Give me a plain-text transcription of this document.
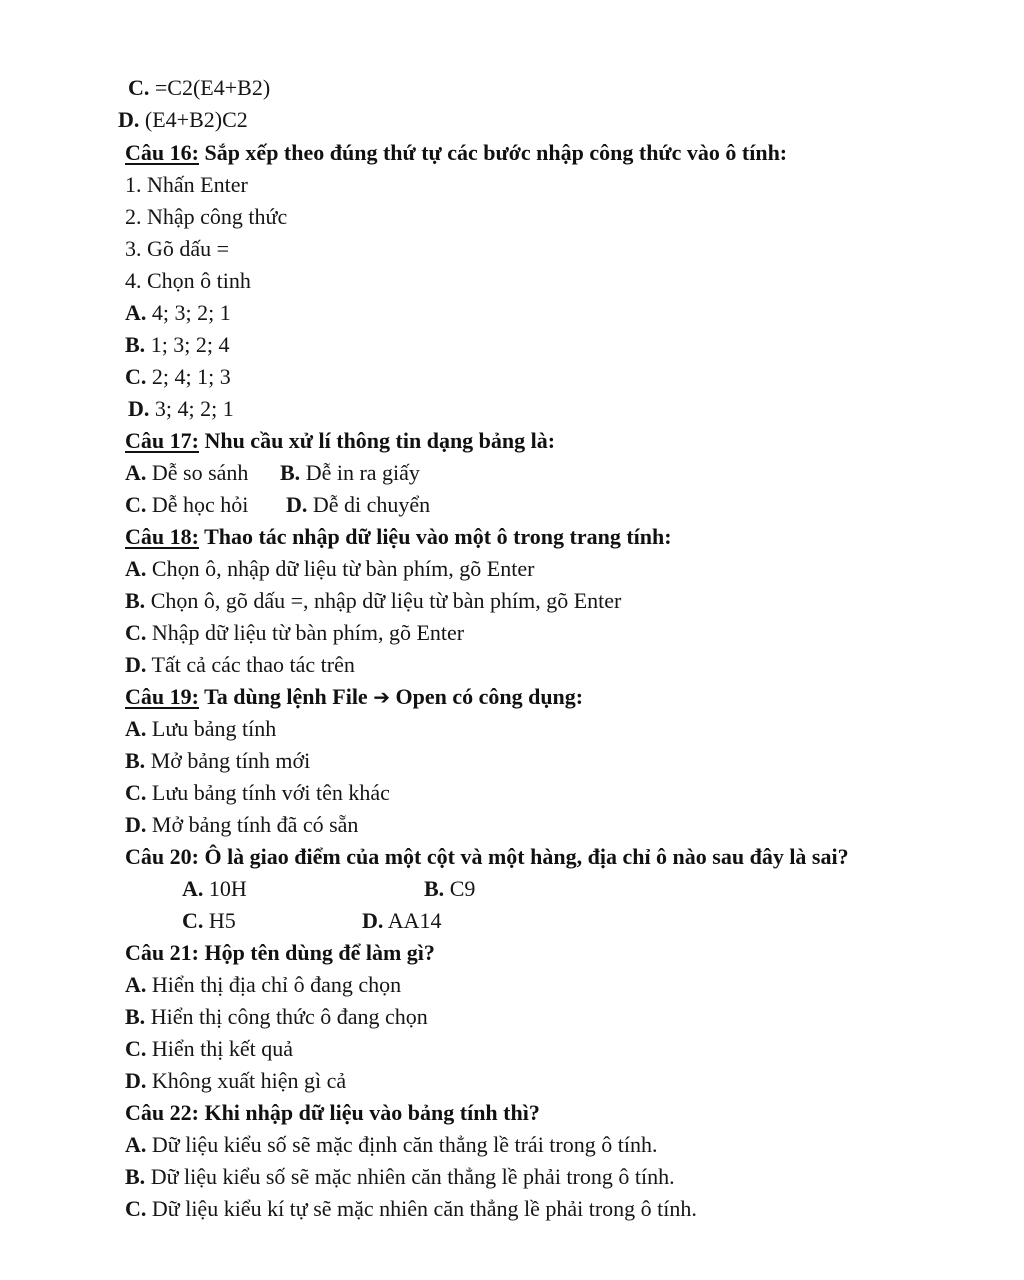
C. =C2(E4+B2)
D. (E4+B2)C2
Câu 16: Sắp xếp theo đúng thứ tự các bước nhập công thức vào ô tính:
1. Nhấn Enter
2. Nhập công thức
3. Gõ dấu =
4. Chọn ô tinh
A. 4; 3; 2; 1
B. 1; 3; 2; 4
C. 2; 4; 1; 3
D. 3; 4; 2; 1
Câu 17: Nhu cầu xử lí thông tin dạng bảng là:
A. Dễ so sánh B. Dễ in ra giấy
C. Dễ học hỏi D. Dễ di chuyển
Câu 18: Thao tác nhập dữ liệu vào một ô trong trang tính:
A. Chọn ô, nhập dữ liệu từ bàn phím, gõ Enter
B. Chọn ô, gõ dấu =, nhập dữ liệu từ bàn phím, gõ Enter
C. Nhập dữ liệu từ bàn phím, gõ Enter
D. Tất cả các thao tác trên
Câu 19: Ta dùng lệnh File ➔ Open có công dụng:
A. Lưu bảng tính
B. Mở bảng tính mới
C. Lưu bảng tính với tên khác
D. Mở bảng tính đã có sẵn
Câu 20: Ô là giao điểm của một cột và một hàng, địa chỉ ô nào sau đây là sai?
A. 10H	B. C9
C. H5	D. AA14
Câu 21: Hộp tên dùng để làm gì?
A. Hiển thị địa chỉ ô đang chọn
B. Hiển thị công thức ô đang chọn
C. Hiển thị kết quả
D. Không xuất hiện gì cả
Câu 22: Khi nhập dữ liệu vào bảng tính thì?
A. Dữ liệu kiểu số sẽ mặc định căn thẳng lề trái trong ô tính.
B. Dữ liệu kiểu số sẽ mặc nhiên căn thẳng lề phải trong ô tính.
C. Dữ liệu kiểu kí tự sẽ mặc nhiên căn thẳng lề phải trong ô tính.
